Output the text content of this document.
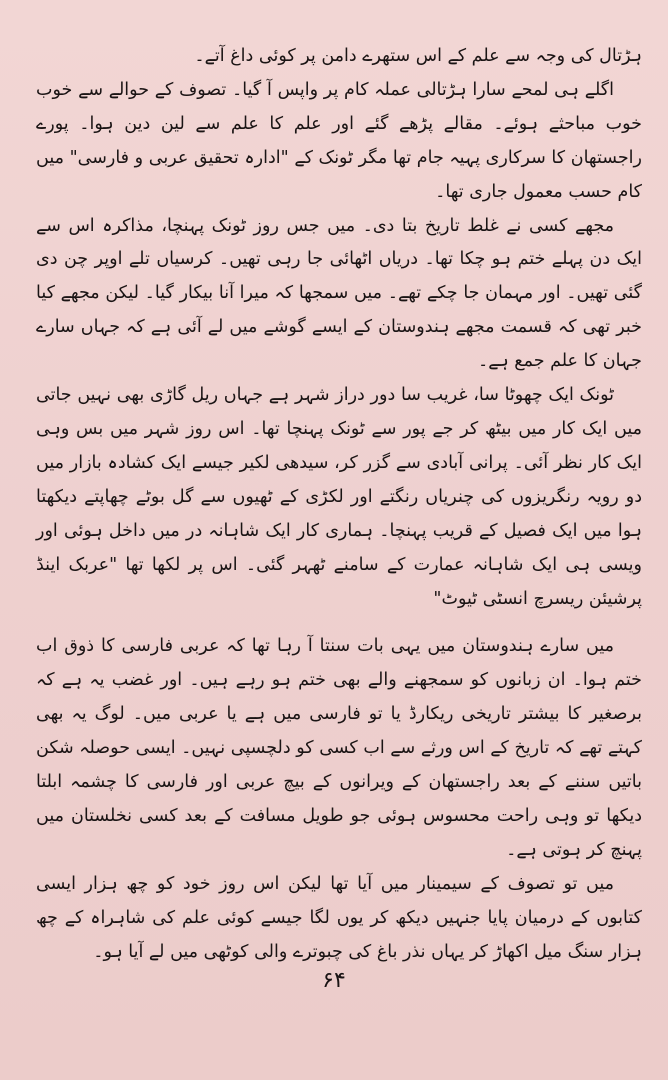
ہڑتال کی وجہ سے علم کے اس ستھرے دامن پر کوئی داغ آتے۔

اگلے ہی لمحے سارا ہڑتالی عملہ کام پر واپس آ گیا۔ تصوف کے حوالے سے خوب خوب مباحثے ہوئے۔ مقالے پڑھے گئے اور علم کا علم سے لین دین ہوا۔ پورے راجستھان کا سرکاری پہیہ جام تھا مگر ٹونک کے "ادارہ تحقیق عربی و فارسی" میں کام حسب معمول جاری تھا۔

مجھے کسی نے غلط تاریخ بتا دی۔ میں جس روز ٹونک پہنچا، مذاکرہ اس سے ایک دن پہلے ختم ہو چکا تھا۔ دریاں اٹھائی جا رہی تھیں۔ کرسیاں تلے اوپر چن دی گئی تھیں۔ اور مہمان جا چکے تھے۔ میں سمجھا کہ میرا آنا بیکار گیا۔ لیکن مجھے کیا خبر تھی کہ قسمت مجھے ہندوستان کے ایسے گوشے میں لے آئی ہے کہ جہاں سارے جہان کا علم جمع ہے۔

ٹونک ایک چھوٹا سا، غریب سا دور دراز شہر ہے جہاں ریل گاڑی بھی نہیں جاتی میں ایک کار میں بیٹھ کر جے پور سے ٹونک پہنچا تھا۔ اس روز شہر میں بس وہی ایک کار نظر آئی۔ پرانی آبادی سے گزر کر، سیدھی لکیر جیسے ایک کشادہ بازار میں دو رویہ رنگریزوں کی چنریاں رنگتے اور لکڑی کے ٹھیوں سے گل بوٹے چھاپتے دیکھتا ہوا میں ایک فصیل کے قریب پہنچا۔ ہماری کار ایک شاہانہ در میں داخل ہوئی اور ویسی ہی ایک شاہانہ عمارت کے سامنے ٹھہر گئی۔ اس پر لکھا تھا "عربک اینڈ پرشیئن ریسرچ انسٹی ٹیوٹ"

میں سارے ہندوستان میں یہی بات سنتا آ رہا تھا کہ عربی فارسی کا ذوق اب ختم ہوا۔ ان زبانوں کو سمجھنے والے بھی ختم ہو رہے ہیں۔ اور غضب یہ ہے کہ برصغیر کا بیشتر تاریخی ریکارڈ یا تو فارسی میں ہے یا عربی میں۔ لوگ یہ بھی کہتے تھے کہ تاریخ کے اس ورثے سے اب کسی کو دلچسپی نہیں۔ ایسی حوصلہ شکن باتیں سننے کے بعد راجستھان کے ویرانوں کے بیچ عربی اور فارسی کا چشمہ ابلتا دیکھا تو وہی راحت محسوس ہوئی جو طویل مسافت کے بعد کسی نخلستان میں پہنچ کر ہوتی ہے۔

میں تو تصوف کے سیمینار میں آیا تھا لیکن اس روز خود کو چھ ہزار ایسی کتابوں کے درمیان پایا جنہیں دیکھ کر یوں لگا جیسے کوئی علم کی شاہراہ کے چھ ہزار سنگ میل اکھاڑ کر یہاں نذر باغ کی چبوترے والی کوٹھی میں لے آیا ہو۔

۶۴
